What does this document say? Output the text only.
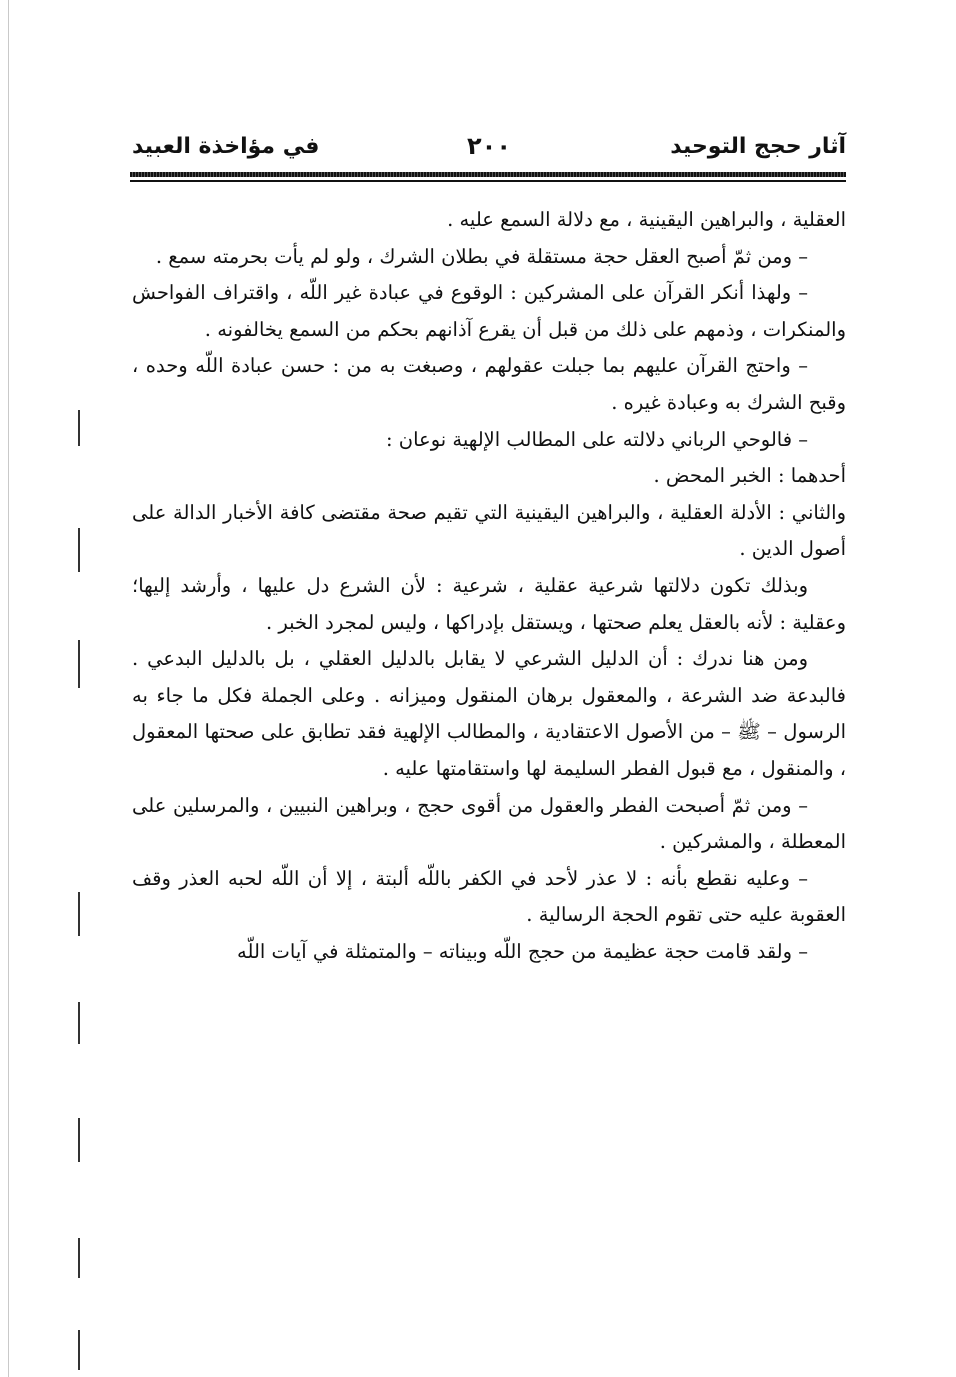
آثار حجج التوحيد
٢٠٠
في مؤاخذة العبيد

العقلية ، والبراهين اليقينية ، مع دلالة السمع عليه .

– ومن ثمّ أصبح العقل حجة مستقلة في بطلان الشرك ، ولو لم يأت بحرمته سمع .

– ولهذا أنكر القرآن على المشركين : الوقوع في عبادة غير اللّه ، واقتراف الفواحش والمنكرات ، وذمهم على ذلك من قبل أن يقرع آذانهم بحكم من السمع يخالفونه .

– واحتج القرآن عليهم بما جبلت عقولهم ، وصبغت به من : حسن عبادة اللّه وحده ، وقبح الشرك به وعبادة غيره .

– فالوحي الرباني دلالته على المطالب الإلهية نوعان :

أحدهما : الخبر المحض .

والثاني : الأدلة العقلية ، والبراهين اليقينية التي تقيم صحة مقتضى كافة الأخبار الدالة على أصول الدين .

وبذلك تكون دلالتها شرعية عقلية ، شرعية : لأن الشرع دل عليها ، وأرشد إليها؛ وعقلية : لأنه بالعقل يعلم صحتها ، ويستقل بإدراكها ، وليس لمجرد الخبر .

ومن هنا ندرك : أن الدليل الشرعي لا يقابل بالدليل العقلي ، بل بالدليل البدعي . فالبدعة ضد الشرعة ، والمعقول برهان المنقول وميزانه . وعلى الجملة فكل ما جاء به الرسول – ﷺ – من الأصول الاعتقادية ، والمطالب الإلهية فقد تطابق على صحتها المعقول ، والمنقول ، مع قبول الفطر السليمة لها واستقامتها عليه .

– ومن ثمّ أصبحت الفطر والعقول من أقوى حجج ، وبراهين النبيين ، والمرسلين على المعطلة ، والمشركين .

– وعليه نقطع بأنه : لا عذر لأحد في الكفر باللّه ألبتة ، إلا أن اللّه لحبه العذر وقف العقوبة عليه حتى تقوم الحجة الرسالية .

– ولقد قامت حجة عظيمة من حجج اللّه وبيناته – والمتمثلة في آيات اللّه
